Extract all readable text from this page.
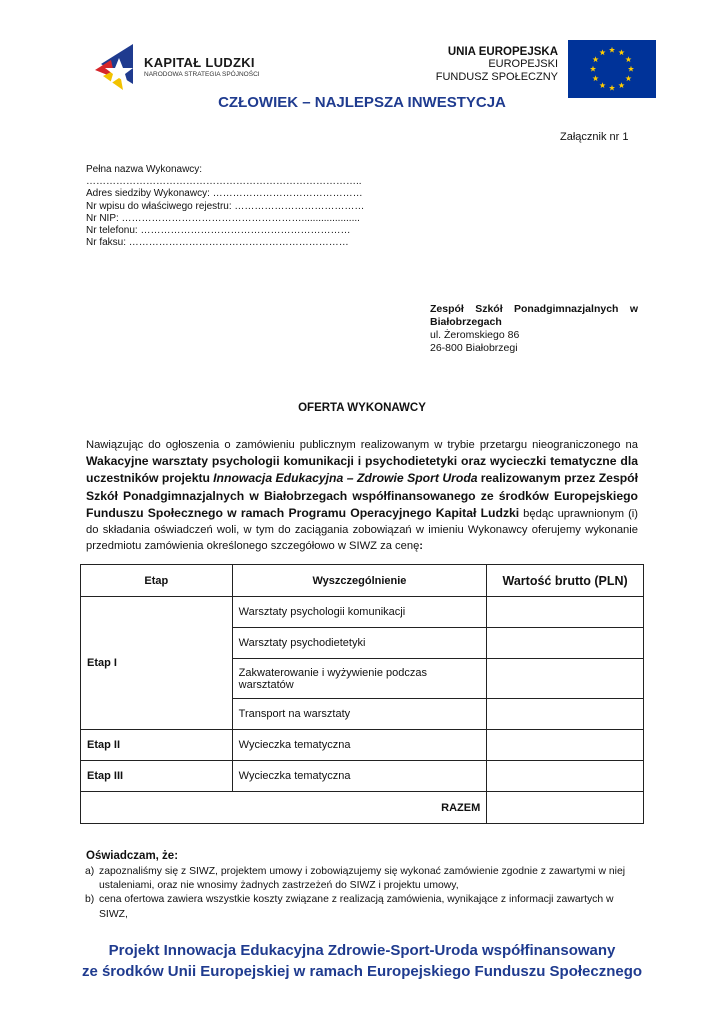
KAPITAŁ LUDZKI
NARODOWA STRATEGIA SPÓJNOŚCI
UNIA EUROPEJSKA
EUROPEJSKI
FUNDUSZ SPOŁECZNY
CZŁOWIEK – NAJLEPSZA INWESTYCJA
Załącznik nr 1
Pełna nazwa Wykonawcy:
………………………………………………………………………..
Adres siedziby Wykonawcy: ………………………………………
Nr wpisu do właściwego rejestru: …………………………………
Nr NIP: ……………………………………………….....................
Nr telefonu: ………………………………………………………
Nr faksu: …………………………………………………………
Zespół Szkół Ponadgimnazjalnych w Białobrzegach
ul. Żeromskiego 86
26-800 Białobrzegi
OFERTA WYKONAWCY
Nawiązując do ogłoszenia o zamówieniu publicznym realizowanym w trybie przetargu nieograniczonego na Wakacyjne warsztaty psychologii komunikacji i psychodietetyki oraz wycieczki tematyczne dla uczestników projektu Innowacja Edukacyjna – Zdrowie Sport Uroda realizowanym przez Zespół Szkół Ponadgimnazjalnych w Białobrzegach współfinansowanego ze środków Europejskiego Funduszu Społecznego w ramach Programu Operacyjnego Kapitał Ludzki będąc uprawnionym (i) do składania oświadczeń woli, w tym do zaciągania zobowiązań w imieniu Wykonawcy oferujemy wykonanie przedmiotu zamówienia określonego szczegółowo w SIWZ za cenę:
Etap	Wyszczególnienie	Wartość brutto (PLN)
Etap I	Warsztaty psychologii komunikacji	
	Warsztaty psychodietetyki	
	Zakwaterowanie i wyżywienie podczas warsztatów	
	Transport na warsztaty	
Etap II	Wycieczka tematyczna	
Etap III	Wycieczka tematyczna	
RAZEM		
Oświadczam, że:
a) zapoznaliśmy się z SIWZ, projektem umowy i zobowiązujemy się wykonać zamówienie zgodnie z zawartymi w niej ustaleniami, oraz nie wnosimy żadnych zastrzeżeń do SIWZ i projektu umowy,
b) cena ofertowa zawiera wszystkie koszty związane z realizacją zamówienia, wynikające z informacji zawartych w SIWZ,
Projekt Innowacja Edukacyjna Zdrowie-Sport-Uroda współfinansowany
ze środków Unii Europejskiej w ramach Europejskiego Funduszu Społecznego
